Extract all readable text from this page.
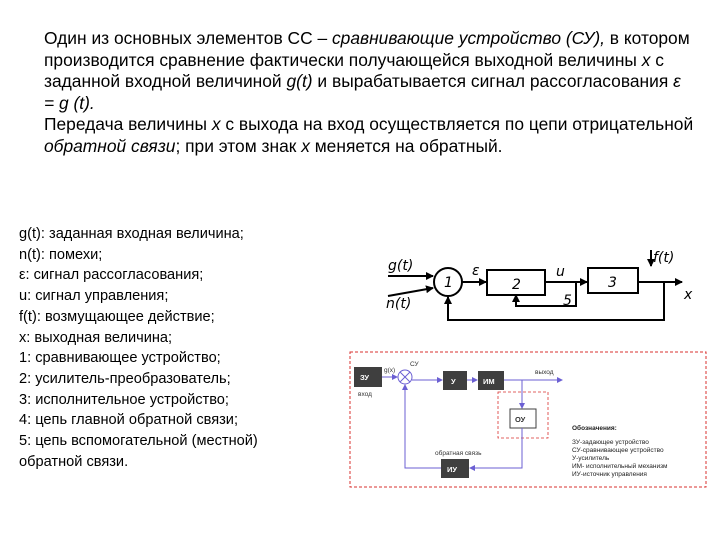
Один из основных элементов СС – сравнивающие устройство (СУ), в котором производится сравнение фактически получающейся выходной величины x с заданной входной величиной g(t) и вырабатывается сигнал рассогласования ε = g (t).

Передача величины x с выхода на вход осуществляется по цепи отрицательной обратной связи; при этом знак x меняется на обратный.

g(t): заданная входная величина;
n(t): помехи;
ε: сигнал рассогласования;
u: сигнал управления;
f(t): возмущающее действие;
x: выходная величина;
1: сравнивающее устройство;
2: усилитель-преобразователь;
3: исполнительное устройство;
4: цепь главной обратной связи;
5: цепь вспомогательной (местной) обратной связи.
g(t)
n(t)
f(t)
ε	u
x
1	2	3
5
ЗУ
вход
g(x)
СУ
У	ИМ
выход
ОУ
ИУ
обратная связь
Обозначения:
ЗУ-задающее устройство
СУ-сравнивающее устройство
У-усилитель
ИМ- исполнительный механизм
ИУ-источник управления
